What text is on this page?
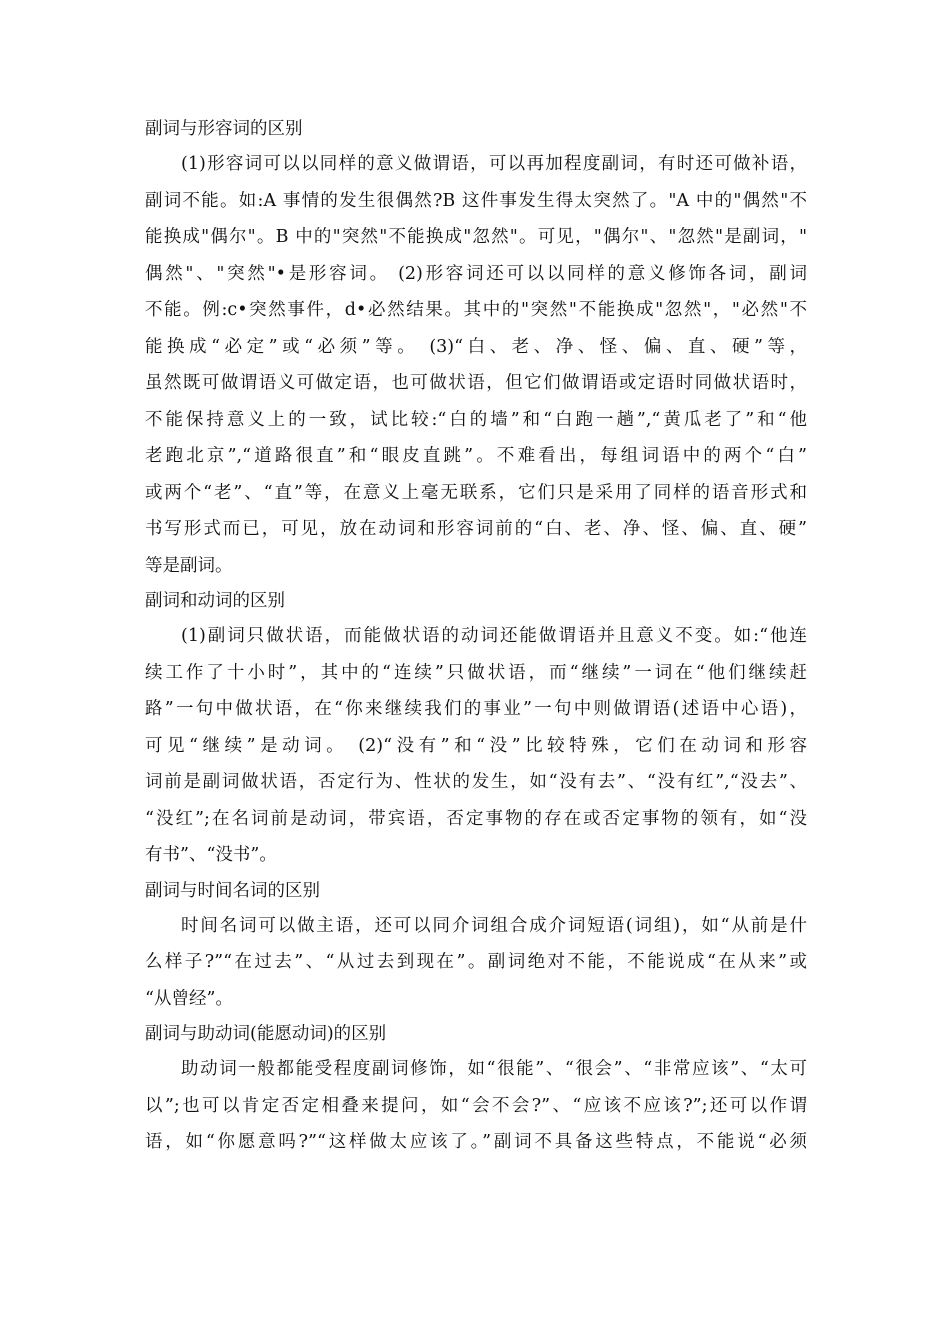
副词与形容词的区别
(1)形容词可以以同样的意义做谓语，可以再加程度副词，有时还可做补语，
副词不能。如:A 事情的发生很偶然?B 这件事发生得太突然了。"A 中的"偶然"不
能换成"偶尔"。B 中的"突然"不能换成"忽然"。可见，"偶尔"、"忽然"是副词，"
偶然"、"突然"•是形容词。 (2)形容词还可以以同样的意义修饰各词，副词
不能。例:c•突然事件，d•必然结果。其中的"突然"不能换成"忽然"，"必然"不
能换成“必定”或“必须”等。 (3)“白、老、净、怪、偏、直、硬”等，
虽然既可做谓语义可做定语，也可做状语，但它们做谓语或定语时同做状语时，
不能保持意义上的一致，试比较:“白的墙”和“白跑一趟”,“黄瓜老了”和“他
老跑北京”,“道路很直”和“眼皮直跳”。不难看出，每组词语中的两个“白”
或两个“老”、“直”等，在意义上毫无联系，它们只是采用了同样的语音形式和
书写形式而已，可见，放在动词和形容词前的“白、老、净、怪、偏、直、硬”
等是副词。
副词和动词的区别
(1)副词只做状语，而能做状语的动词还能做谓语并且意义不变。如:“他连
续工作了十小时”，其中的“连续”只做状语，而“继续”一词在“他们继续赶
路”一句中做状语，在“你来继续我们的事业”一句中则做谓语(述语中心语)，
可见“继续”是动词。 (2)“没有”和“没”比较特殊，它们在动词和形容
词前是副词做状语，否定行为、性状的发生，如“没有去”、“没有红”,“没去”、
“没红”;在名词前是动词，带宾语，否定事物的存在或否定事物的领有，如“没
有书”、“没书”。
副词与时间名词的区别
时间名词可以做主语，还可以同介词组合成介词短语(词组)，如“从前是什
么样子?”“在过去”、“从过去到现在”。副词绝对不能，不能说成“在从来”或
“从曾经”。
副词与助动词(能愿动词)的区别
助动词一般都能受程度副词修饰，如“很能”、“很会”、“非常应该”、“太可
以”;也可以肯定否定相叠来提问，如“会不会?”、“应该不应该?”;还可以作谓
语，如“你愿意吗?”“这样做太应该了。”副词不具备这些特点，不能说“必须
